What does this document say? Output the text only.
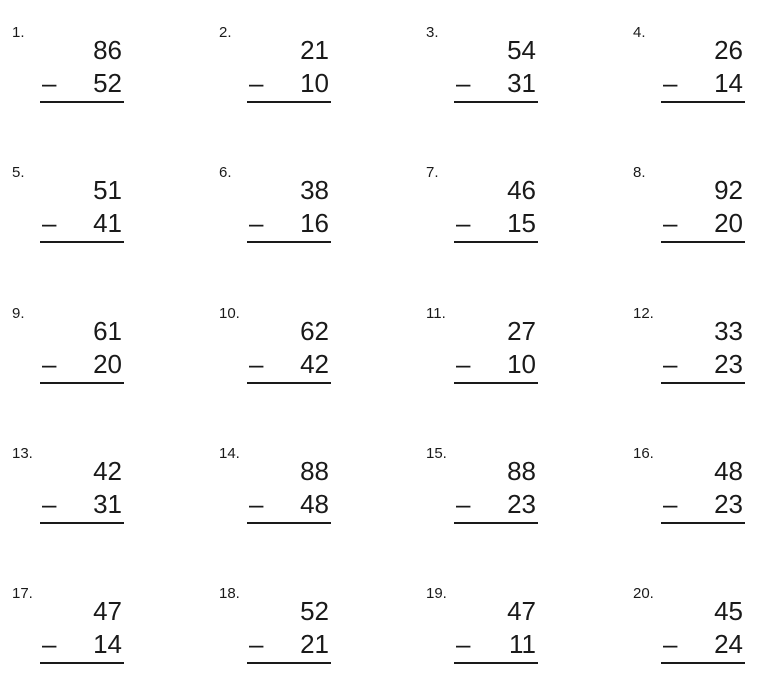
1.
86
– 52
2.
21
– 10
3.
54
– 31
4.
26
– 14
5.
51
– 41
6.
38
– 16
7.
46
– 15
8.
92
– 20
9.
61
– 20
10.
62
– 42
11.
27
– 10
12.
33
– 23
13.
42
– 31
14.
88
– 48
15.
88
– 23
16.
48
– 23
17.
47
– 14
18.
52
– 21
19.
47
– 11
20.
45
– 24
